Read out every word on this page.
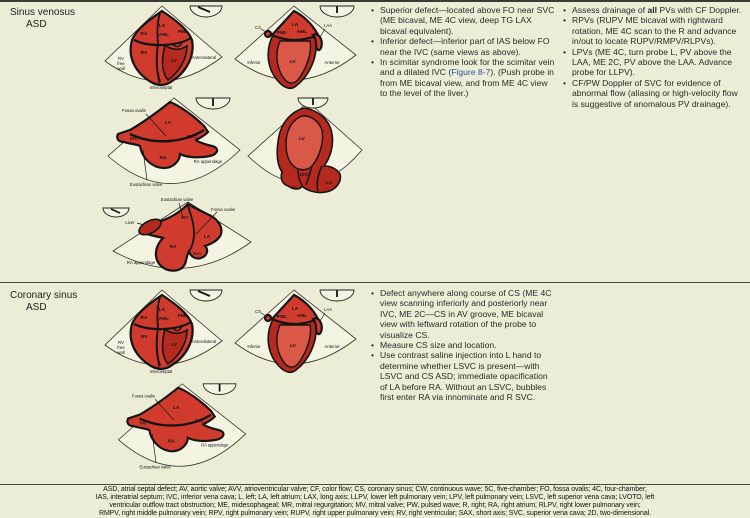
Sinus venosus
ASD	LA
RA AML
PML
RV
LV
RV
free
wall
Anterolateral
Inferoseptal
CS	LA
PML AML
LAA
Inferior	LV	Anterior
Fossa ovalis
LA
IVC	SVC
RA
RA appendage
Eustachian valve
LV
LVOT
LA
Ao
Eustachian valve
IVC
Fossa ovalis
Liver
RA
LA
SVC
RA appendage
• Superior defect—located above FO near SVC (ME bicaval, ME 4C view, deep TG LAX bicaval equivalent).
• Inferior defect—inferior part of IAS below FO near the IVC (same views as above).
• In scimitar syndrome look for the scimitar vein and a dilated IVC (Figure 8-7). (Push probe in from ME bicaval view, and from ME 4C view to the level of the liver.)
• Assess drainage of all PVs with CF Doppler.
• RPVs (RUPV ME bicaval with rightward rotation, ME 4C scan to the R and advance in/out to locate RUPV/RMPV/RLPVs).
• LPVs (ME 4C, turn probe L, PV above the LAA, ME 2C, PV above the LAA. Advance probe for LLPV).
• CF/PW Doppler of SVC for evidence of abnormal flow (aliasing or high-velocity flow is suggestive of anomalous PV drainage).
Coronary sinus
ASD	LA
RA AML
PML
RV
LV
RV
free
wall
Anterolateral
Inferoseptal
CS	LA
PML AML
LAA
Inferior	LV	Anterior
Fossa ovalis
LA
IVC	SVC
RA
RA appendage
Eustachian valve
• Defect anywhere along course of CS (ME 4C view scanning inferiorly and posteriorly near IVC, ME 2C—CS in AV groove, ME bicaval view with leftward rotation of the probe to visualize CS.
• Measure CS size and location.
• Use contrast saline injection into L hand to determine whether LSVC is present—with LSVC and CS ASD; immediate opacification of LA before RA. Without an LSVC, bubbles first enter RA via innominate and R SVC.
ASD, atrial septal defect; AV, aortic valve; AVV, atrioventricular valve; CF, color flow; CS, coronary sinus; CW, continuous wave; 5C, five-chamber; FO, fossa ovalis; 4C, four-chamber;
IAS, interatrial septum; IVC, inferior vena cava; L, left; LA, left atrium; LAX, long axis; LLPV, lower left pulmonary vein; LPV, left pulmonary vein; LSVC, left superior vena cava; LVOTO, left
ventricular outflow tract obstruction; ME, midesophageal; MR, mitral regurgitation; MV, mitral valve; PW, pulsed wave; R, right; RA, right atrium; RLPV, right lower pulmonary vein;
RMPV, right middle pulmonary vein; RPV, right pulmonary vein; RUPV, right upper pulmonary vein; RV, right ventricular; SAX, short axis; SVC, superior vena cava; 2D, two-dimensional.
